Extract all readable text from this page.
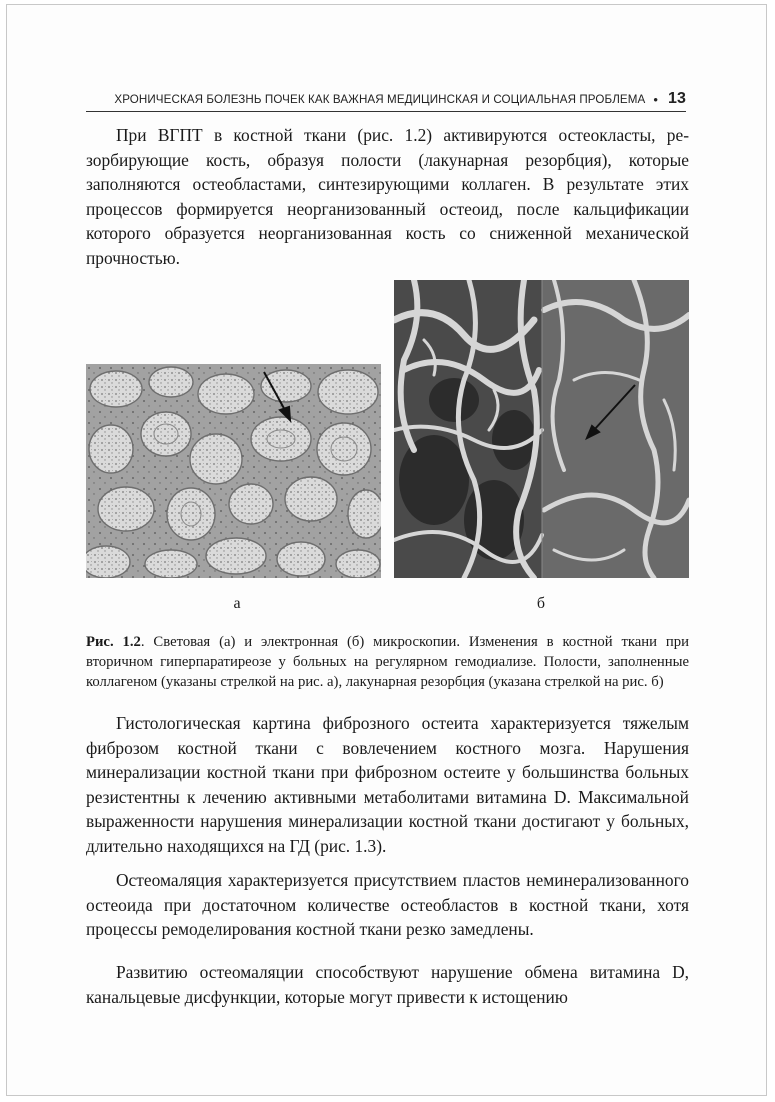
ХРОНИЧЕСКАЯ БОЛЕЗНЬ ПОЧЕК КАК ВАЖНАЯ МЕДИЦИНСКАЯ И СОЦИАЛЬНАЯ ПРОБЛЕМА • 13
При ВГПТ в костной ткани (рис. 1.2) активируются остеокласты, резорбирующие кость, образуя полости (лакунарная резорбция), которые заполняются остеобластами, синтезирующими коллаген. В результате этих процессов формируется неорганизованный остеоид, после кальцификации которого образуется неорганизованная кость со сниженной механической прочностью.
а	б
Рис. 1.2. Световая (а) и электронная (б) микроскопии. Изменения в костной ткани при вторичном гиперпаратиреозе у больных на регулярном гемодиализе. Полости, заполненные коллагеном (указаны стрелкой на рис. а), лакунарная резорбция (указана стрелкой на рис. б)
Гистологическая картина фиброзного остеита характеризуется тяжелым фиброзом костной ткани с вовлечением костного мозга. Нарушения минерализации костной ткани при фиброзном остеите у большинства больных резистентны к лечению активными метаболитами витамина D. Максимальной выраженности нарушения минерализации костной ткани достигают у больных, длительно находящихся на ГД (рис. 1.3).
Остеомаляция характеризуется присутствием пластов неминерализованного остеоида при достаточном количестве остеобластов в костной ткани, хотя процессы ремоделирования костной ткани резко замедлены.
Развитию остеомаляции способствуют нарушение обмена витамина D, канальцевые дисфункции, которые могут привести к истощению
